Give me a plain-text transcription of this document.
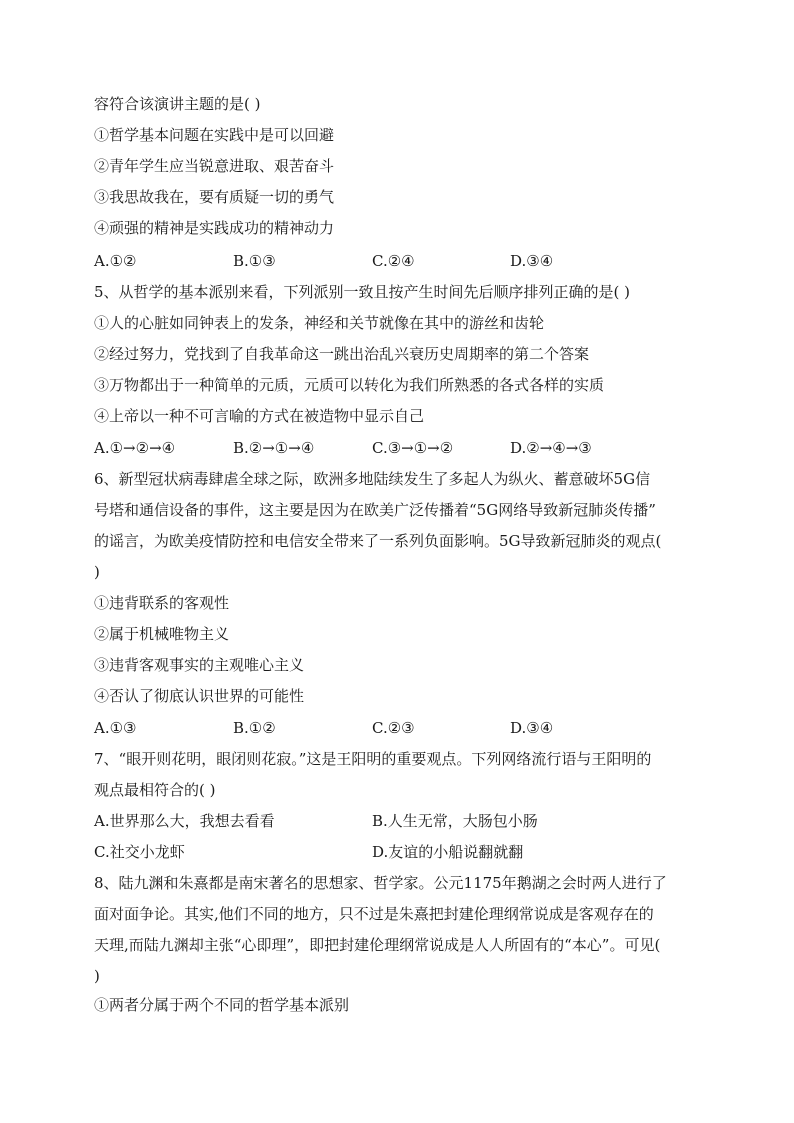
容符合该演讲主题的是( )
①哲学基本问题在实践中是可以回避
②青年学生应当锐意进取、艰苦奋斗
③我思故我在，要有质疑一切的勇气
④顽强的精神是实践成功的精神动力
A.①②	B.①③	C.②④	D.③④
5、从哲学的基本派别来看，下列派别一致且按产生时间先后顺序排列正确的是( )
①人的心脏如同钟表上的发条，神经和关节就像在其中的游丝和齿轮
②经过努力，党找到了自我革命这一跳出治乱兴衰历史周期率的第二个答案
③万物都出于一种简单的元质，元质可以转化为我们所熟悉的各式各样的实质
④上帝以一种不可言喻的方式在被造物中显示自己
A.①→②→④	B.②→①→④	C.③→①→②	D.②→④→③
6、新型冠状病毒肆虐全球之际，欧洲多地陆续发生了多起人为纵火、蓄意破坏5G信
号塔和通信设备的事件，这主要是因为在欧美广泛传播着“5G网络导致新冠肺炎传播”
的谣言，为欧美疫情防控和电信安全带来了一系列负面影响。5G导致新冠肺炎的观点(
)
①违背联系的客观性
②属于机械唯物主义
③违背客观事实的主观唯心主义
④否认了彻底认识世界的可能性
A.①③	B.①②	C.②③	D.③④
7、“眼开则花明，眼闭则花寂。”这是王阳明的重要观点。下列网络流行语与王阳明的
观点最相符合的( )
A.世界那么大，我想去看看	B.人生无常，大肠包小肠
C.社交小龙虾	D.友谊的小船说翻就翻
8、陆九渊和朱熹都是南宋著名的思想家、哲学家。公元1175年鹅湖之会时两人进行了
面对面争论。其实,他们不同的地方，只不过是朱熹把封建伦理纲常说成是客观存在的
天理,而陆九渊却主张“心即理”，即把封建伦理纲常说成是人人所固有的“本心”。可见(
)
①两者分属于两个不同的哲学基本派别
